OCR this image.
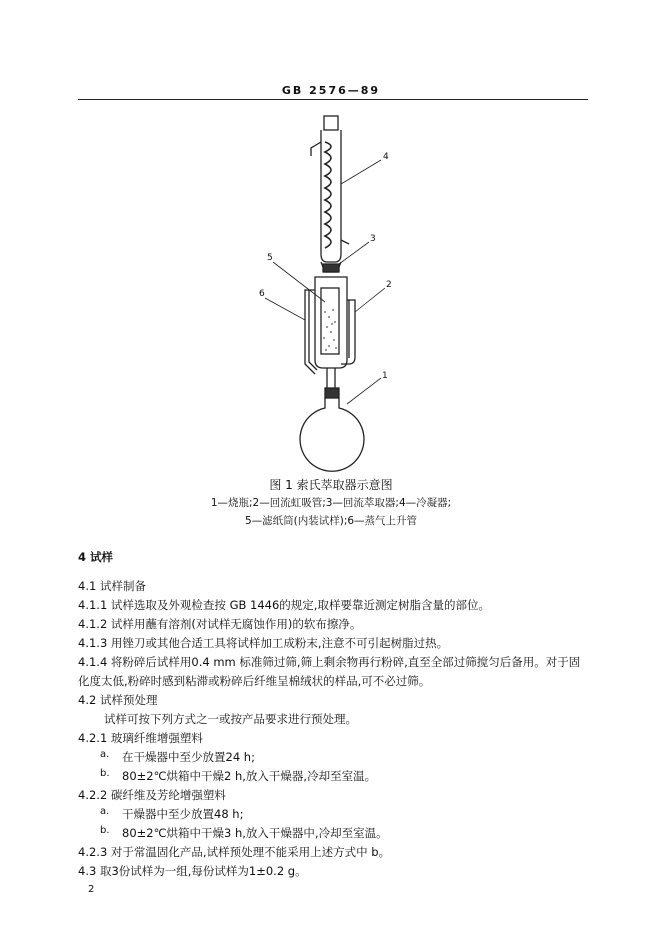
GB 2576—89
4
3
2
1
5
6
图 1 索氏萃取器示意图
1—烧瓶;2—回流虹吸管;3—回流萃取器;4—冷凝器;
5—滤纸筒(内装试样);6—蒸气上升管
4 试样
4.1 试样制备
4.1.1 试样选取及外观检查按 GB 1446的规定,取样要靠近测定树脂含量的部位。
4.1.2 试样用蘸有溶剂(对试样无腐蚀作用)的软布擦净。
4.1.3 用锉刀或其他合适工具将试样加工成粉末,注意不可引起树脂过热。
4.1.4 将粉碎后试样用0.4 mm 标准筛过筛,筛上剩余物再行粉碎,直至全部过筛搅匀后备用。对于固
化度太低,粉碎时感到粘滞或粉碎后纤维呈棉绒状的样品,可不必过筛。
4.2 试样预处理
试样可按下列方式之一或按产品要求进行预处理。
4.2.1 玻璃纤维增强塑料
a. 在干燥器中至少放置24 h;
b. 80±2℃烘箱中干燥2 h,放入干燥器,冷却至室温。
4.2.2 碳纤维及芳纶增强塑料
a. 干燥器中至少放置48 h;
b. 80±2℃烘箱中干燥3 h,放入干燥器中,冷却至室温。
4.2.3 对于常温固化产品,试样预处理不能采用上述方式中 b。
4.3 取3份试样为一组,每份试样为1±0.2 g。
2
